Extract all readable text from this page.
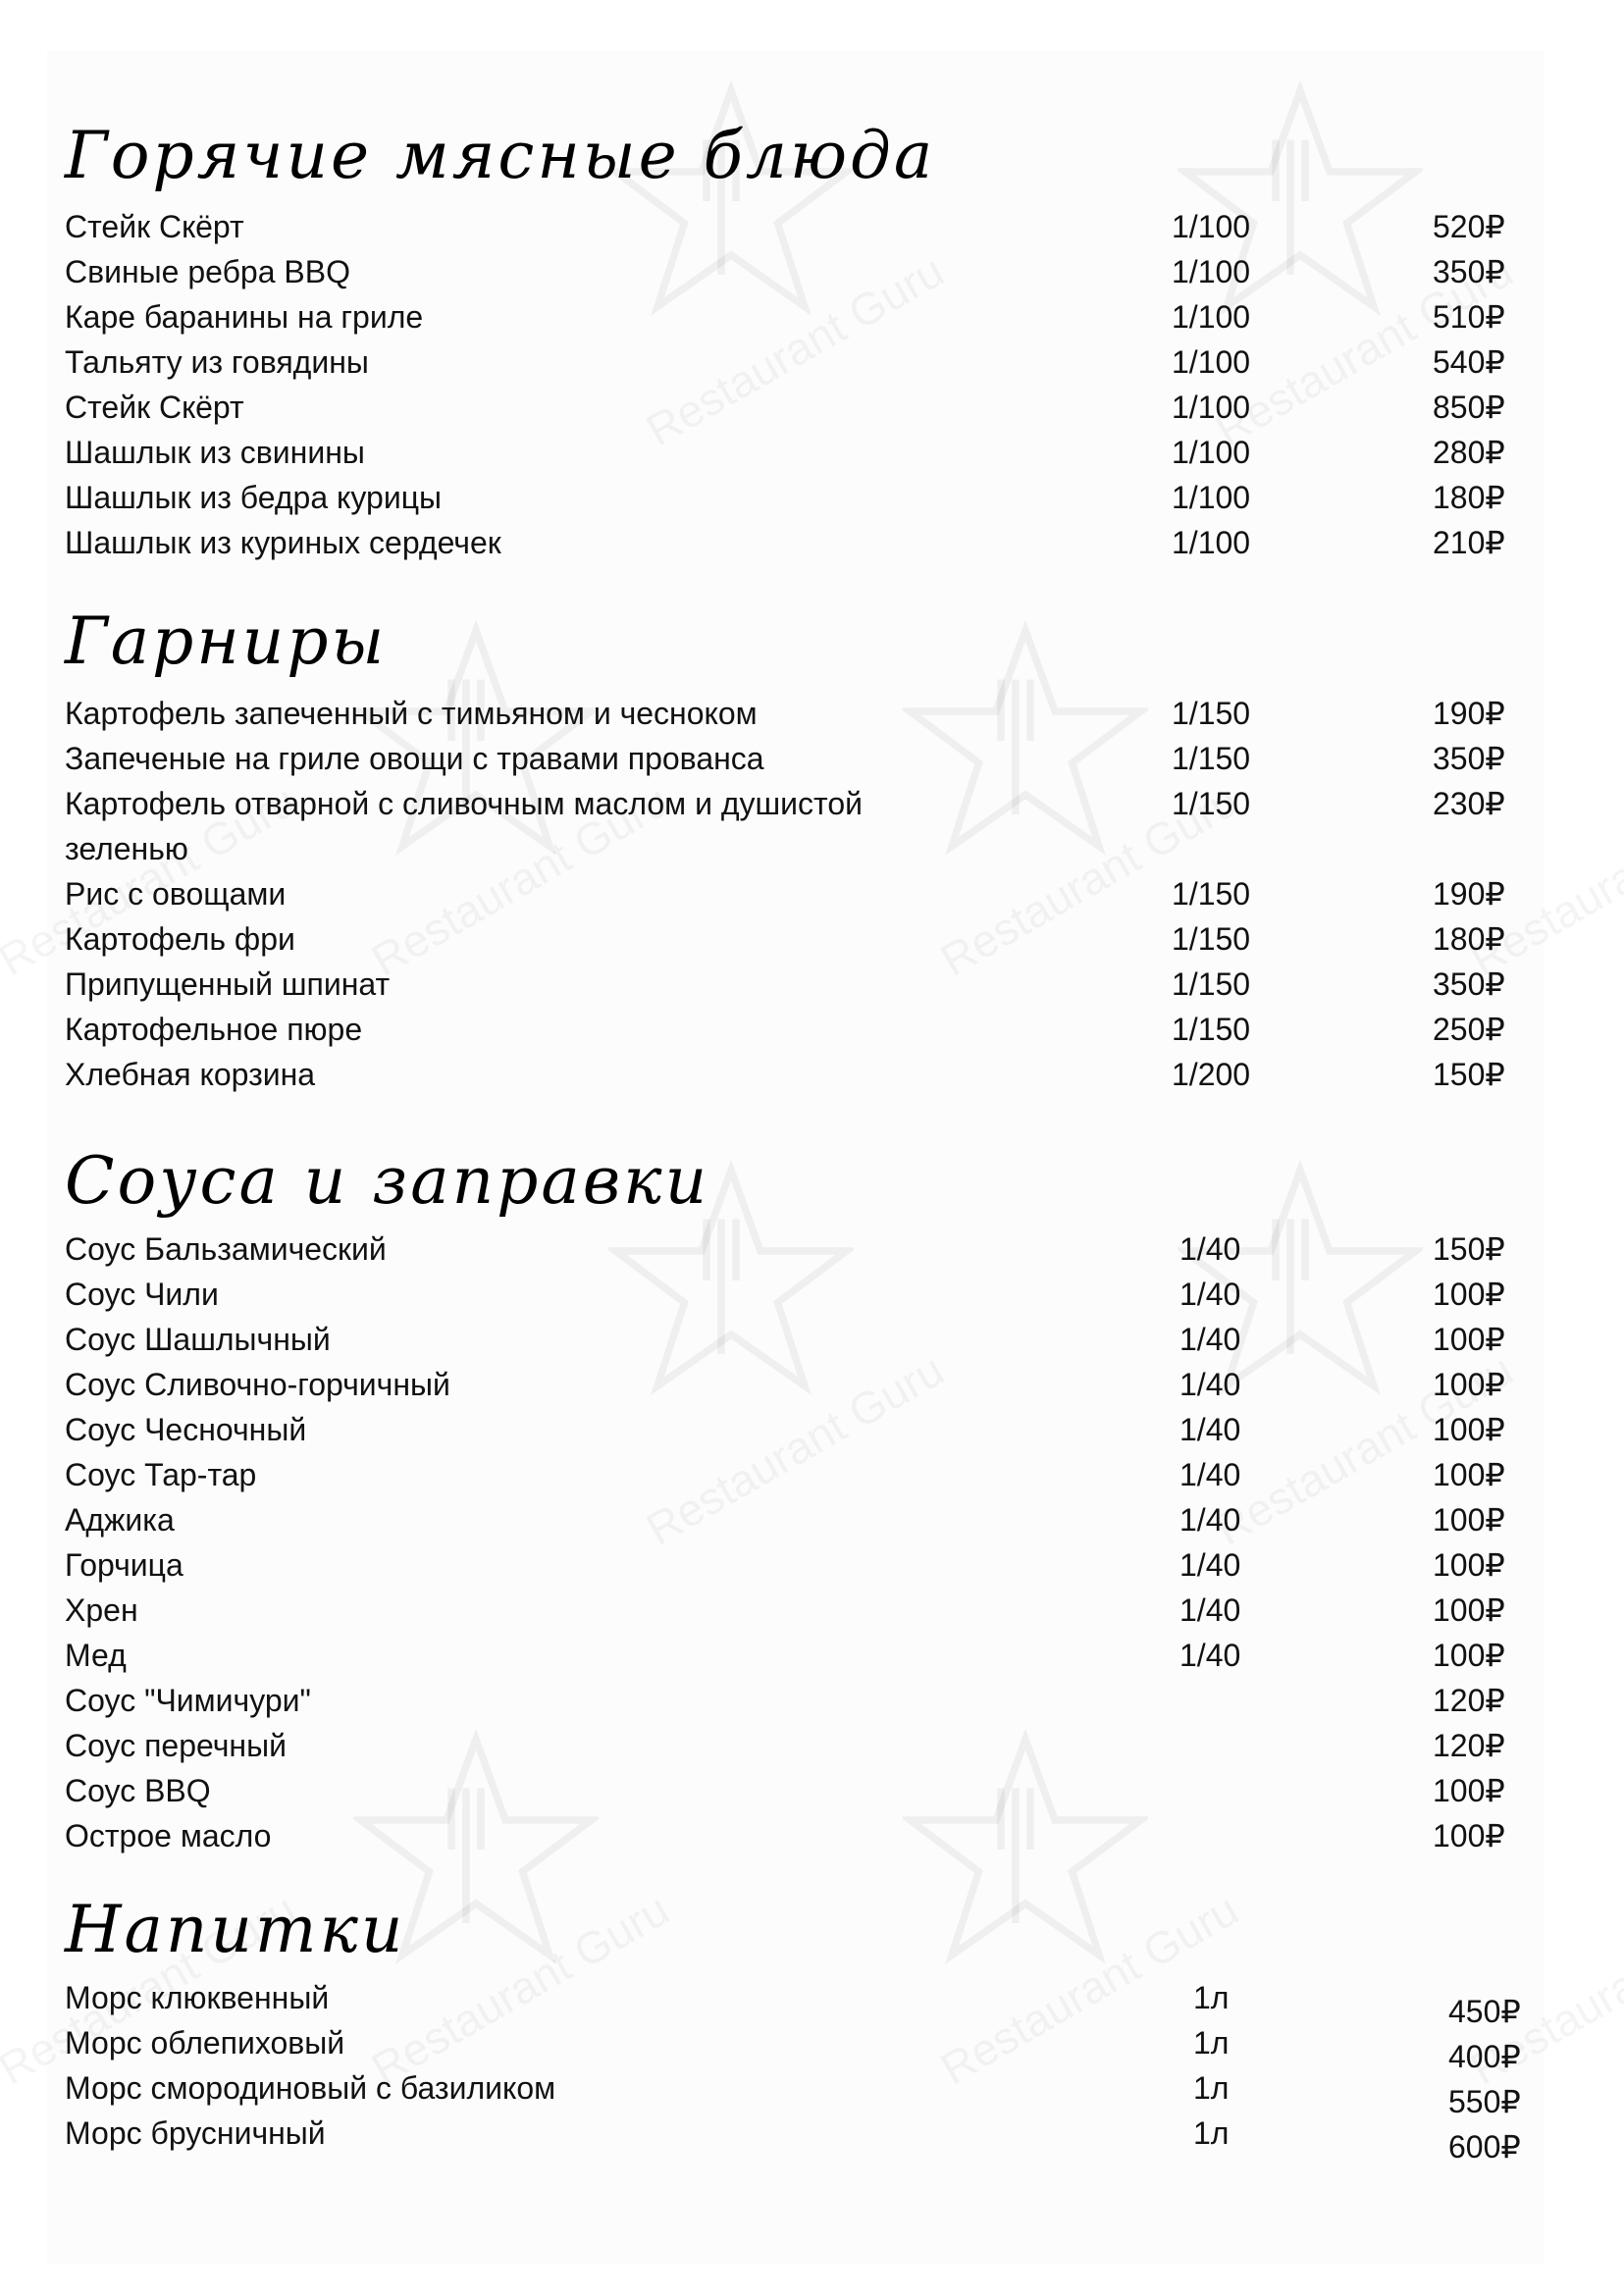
Горячие мясные блюда
Гарниры
Соуса и заправки
Напитки
Стейк Скёрт	1/100	520₽
Свиные ребра BBQ	1/100	350₽
Каре баранины на гриле	1/100	510₽
Тальяту из говядины	1/100	540₽
Стейк Скёрт	1/100	850₽
Шашлык из свинины	1/100	280₽
Шашлык из бедра курицы	1/100	180₽
Шашлык из куриных сердечек	1/100	210₽
Картофель запеченный с тимьяном и чесноком	1/150	190₽
Запеченые на гриле овощи с травами прованса	1/150	350₽
Картофель отварной с сливочным маслом и душистой зеленью
1/150	230₽
Рис с овощами	1/150	190₽
Картофель фри	1/150	180₽
Припущенный шпинат	1/150	350₽
Картофельное пюре	1/150	250₽
Хлебная корзина	1/200	150₽
Соус Бальзамический	1/40	150₽
Соус Чили	1/40	100₽
Соус Шашлычный	1/40	100₽
Соус Сливочно-горчичный	1/40	100₽
Соус Чесночный	1/40	100₽
Соус Тар-тар	1/40	100₽
Аджика	1/40	100₽
Горчица	1/40	100₽
Хрен	1/40	100₽
Мед	1/40	100₽
Соус "Чимичури"	120₽
Соус перечный	120₽
Соус BBQ	100₽
Острое масло	100₽
Морс клюквенный	1л	450₽
Морс облепиховый	1л	400₽
Морс смородиновый с базиликом	1л	550₽
Морс брусничный	1л	600₽
